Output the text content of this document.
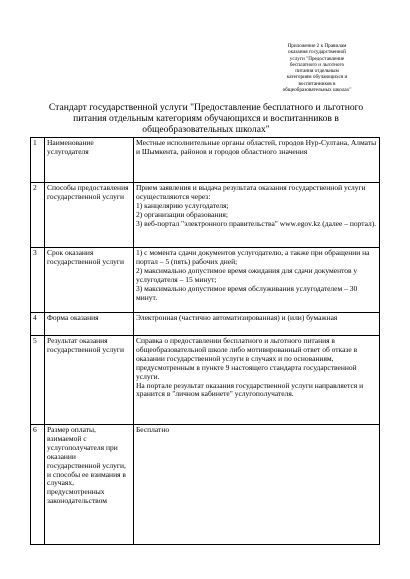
Приложение 2 к Правилам
оказания государственной
услуги "Предоставление
бесплатного и льготного
питания отдельным
категориям обучающихся и
воспитанников в
общеобразовательных школах"
Стандарт государственной услуги "Предоставление бесплатного и льготного питания отдельным категориям обучающихся и воспитанников в общеобразовательных школах"
1	Наименование услугодателя	Местные исполнительные органы областей, городов Нур-Султана, Алматы и Шымкента, районов и городов областного значения

2	Способы предоставления государственной услуги	Прием заявления и выдача результата оказания государственной услуги осуществляются через:
1) канцелярию услугодателя;
2) организации образования;
3) веб-портал "электронного правительства" www.egov.kz (далее – портал).

3	Срок оказания государственной услуги	1) с момента сдачи документов услугодателю, а также при обращении на портал – 5 (пять) рабочих дней;
2) максимально допустимое время ожидания для сдачи документов у услугодателя – 15 минут;
3) максимально допустимое время обслуживания услугодателем – 30 минут.

4	Форма оказания	Электронная (частично автоматизированная) и (или) бумажная

5	Результат оказания государственной услуги	Справка о предоставлении бесплатного и льготного питания в общеобразовательной школе либо мотивированный ответ об отказе в оказании государственной услуги в случаях и по основаниям, предусмотренным в пункте 9 настоящего стандарта государственной услуги.
На портале результат оказания государственной услуги направляется и хранится в "личном кабинете" услугополучателя.

6	Размер оплаты, взимаемой с услугополучателя при оказании государственной услуги, и способы ее взимания в случаях, предусмотренных законодательством	Бесплатно
